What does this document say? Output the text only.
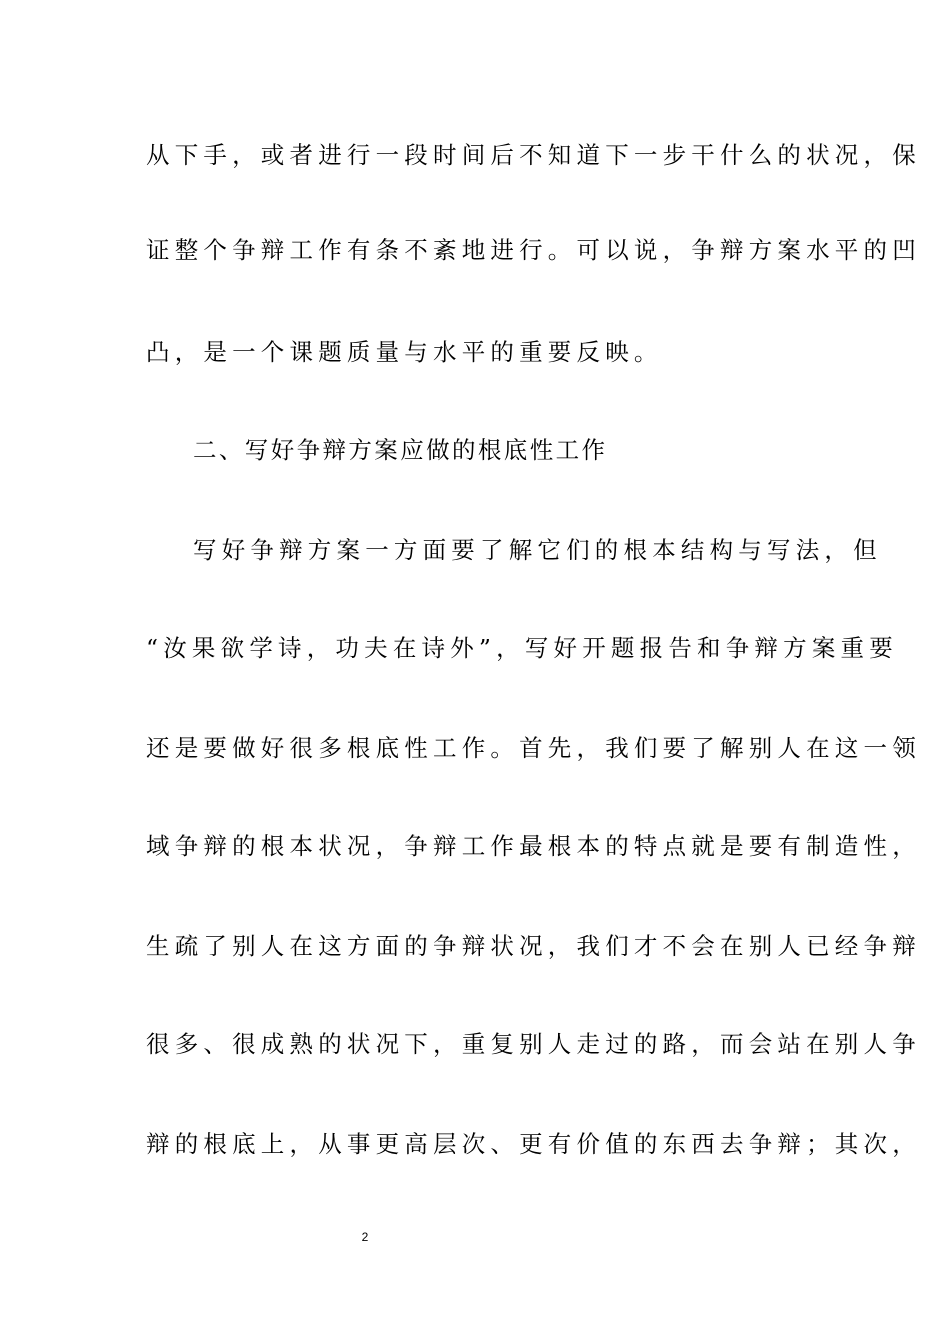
从下手，或者进行一段时间后不知道下一步干什么的状况，保
证整个争辩工作有条不紊地进行。可以说，争辩方案水平的凹
凸，是一个课题质量与水平的重要反映。
二、写好争辩方案应做的根底性工作
写好争辩方案一方面要了解它们的根本结构与写法，但
“汝果欲学诗，功夫在诗外”，写好开题报告和争辩方案重要
还是要做好很多根底性工作。首先，我们要了解别人在这一领
域争辩的根本状况，争辩工作最根本的特点就是要有制造性，
生疏了别人在这方面的争辩状况，我们才不会在别人已经争辩
很多、很成熟的状况下，重复别人走过的路，而会站在别人争
辩的根底上，从事更高层次、更有价值的东西去争辩；其次，
2
